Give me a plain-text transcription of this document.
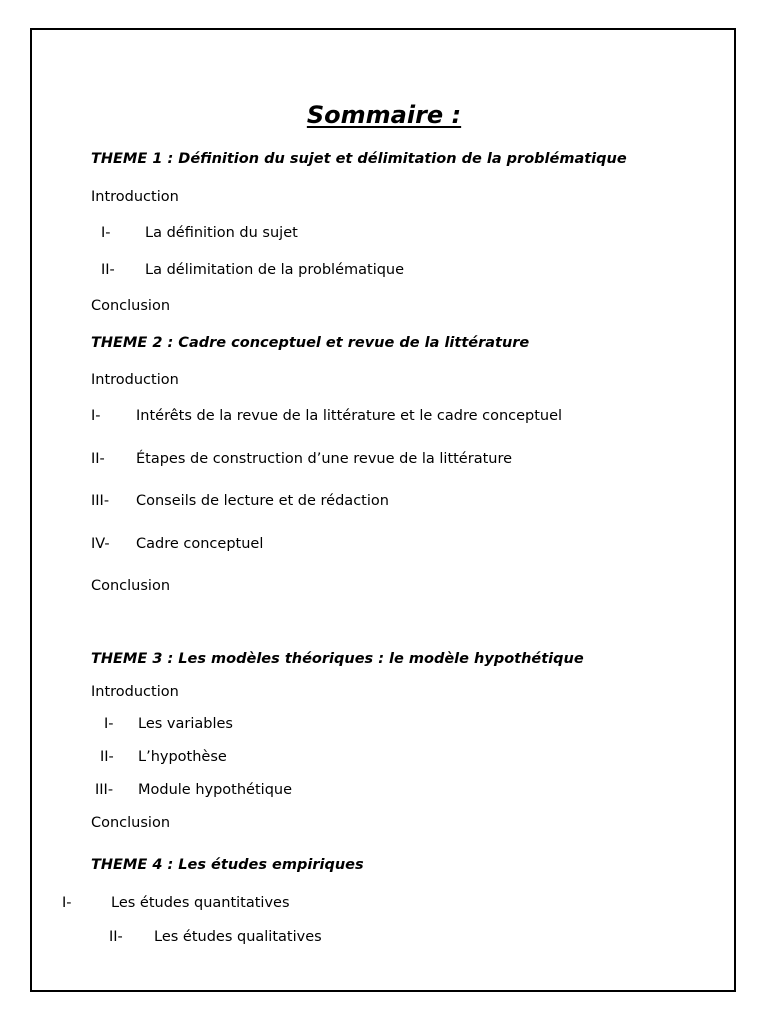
Sommaire :
THEME 1 : Définition du sujet et délimitation de la problématique
Introduction
I- La définition du sujet
II- La délimitation de la problématique
Conclusion
THEME 2 : Cadre conceptuel et revue de la littérature
Introduction
I- Intérêts de la revue de la littérature et le cadre conceptuel
II- Étapes de construction d’une revue de la littérature
III- Conseils de lecture et de rédaction
IV- Cadre conceptuel
Conclusion
THEME 3 : Les modèles théoriques : le modèle hypothétique
Introduction
I- Les variables
II- L’hypothèse
III- Module hypothétique
Conclusion
THEME 4 : Les études empiriques
I-	Les études quantitatives
II- Les études qualitatives
